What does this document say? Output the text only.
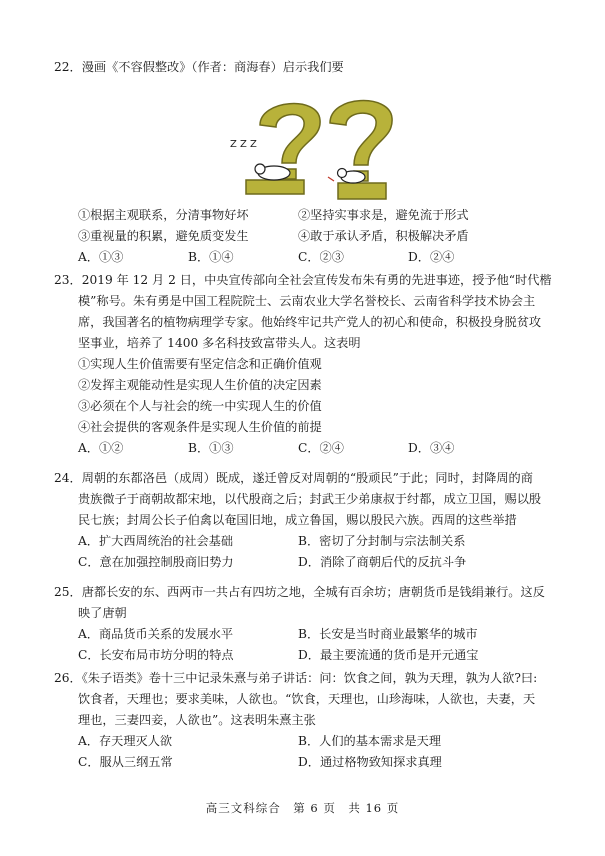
22．漫画《不容假整改》（作者：商海春）启示我们要
Z Z Z
①根据主观联系，分清事物好坏	②坚持实事求是，避免流于形式
③重视量的积累，避免质变发生	④敢于承认矛盾，积极解决矛盾
A．①③	B．①④	C．②③	D．②④
23．2019 年 12 月 2 日，中央宣传部向全社会宣传发布朱有勇的先进事迹，授予他“时代楷
模”称号。朱有勇是中国工程院院士、云南农业大学名誉校长、云南省科学技术协会主
席，我国著名的植物病理学专家。他始终牢记共产党人的初心和使命，积极投身脱贫攻
坚事业，培养了 1400 多名科技致富带头人。这表明
①实现人生价值需要有坚定信念和正确价值观
②发挥主观能动性是实现人生价值的决定因素
③必须在个人与社会的统一中实现人生的价值
④社会提供的客观条件是实现人生价值的前提
A．①②	B．①③	C．②④	D．③④
24．周朝的东都洛邑（成周）既成，遂迁曾反对周朝的“殷顽民”于此；同时，封降周的商
贵族微子于商朝故都宋地，以代殷商之后；封武王少弟康叔于纣都，成立卫国，赐以殷
民七族；封周公长子伯禽以奄国旧地，成立鲁国，赐以殷民六族。西周的这些举措
A．扩大西周统治的社会基础	B．密切了分封制与宗法制关系
C．意在加强控制殷商旧势力	D．消除了商朝后代的反抗斗争
25．唐都长安的东、西两市一共占有四坊之地，全城有百余坊；唐朝货币是钱绢兼行。这反
映了唐朝
A．商品货币关系的发展水平	B．长安是当时商业最繁华的城市
C．长安布局市坊分明的特点	D．最主要流通的货币是开元通宝
26．《朱子语类》卷十三中记录朱熹与弟子讲话：问：饮食之间，孰为天理，孰为人欲?曰:
饮食者，天理也；要求美味，人欲也。“饮食，天理也，山珍海味，人欲也，夫妻，天
理也，三妻四妾，人欲也”。这表明朱熹主张
A．存天理灭人欲	B．人们的基本需求是天理
C．服从三纲五常	D．通过格物致知探求真理
高三文科综合　第 6 页　共 16 页
